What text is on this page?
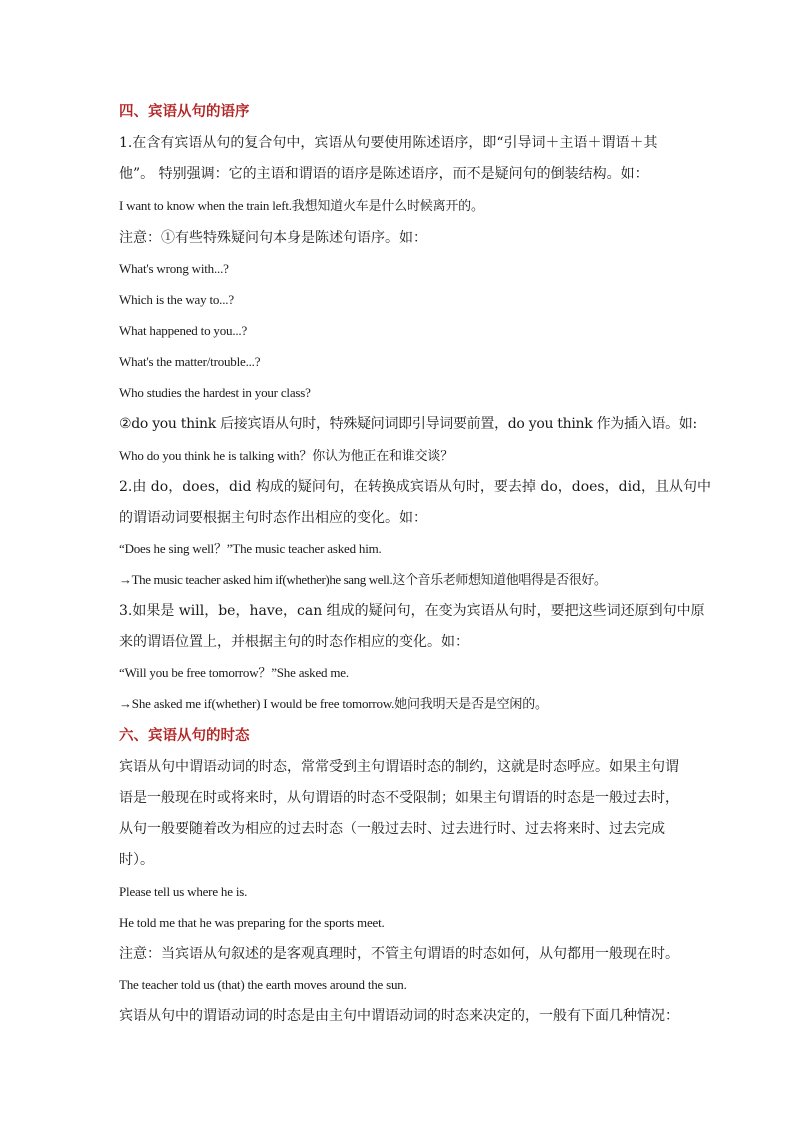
四、宾语从句的语序
1.在含有宾语从句的复合句中，宾语从句要使用陈述语序，即“引导词＋主语＋谓语＋其
他”。 特别强调：它的主语和谓语的语序是陈述语序，而不是疑问句的倒装结构。如：
I want to know when the train left.我想知道火车是什么时候离开的。
注意：①有些特殊疑问句本身是陈述句语序。如：
What's wrong with...?
Which is the way to...?
What happened to you...?
What's the matter/trouble...?
Who studies the hardest in your class?
②do you think 后接宾语从句时，特殊疑问词即引导词要前置，do you think 作为插入语。如:
Who do you think he is talking with？你认为他正在和谁交谈？
2.由 do，does，did 构成的疑问句，在转换成宾语从句时，要去掉 do，does，did，且从句中
的谓语动词要根据主句时态作出相应的变化。如：
“Does he sing well？”The music teacher asked him.
→The music teacher asked him if(whether)he sang well.这个音乐老师想知道他唱得是否很好。
3.如果是 will，be，have，can 组成的疑问句，在变为宾语从句时，要把这些词还原到句中原
来的谓语位置上，并根据主句的时态作相应的变化。如：
“Will you be free tomorrow？”She asked me.
→She asked me if(whether) I would be free tomorrow.她问我明天是否是空闲的。
六、宾语从句的时态
宾语从句中谓语动词的时态，常常受到主句谓语时态的制约，这就是时态呼应。如果主句谓
语是一般现在时或将来时，从句谓语的时态不受限制；如果主句谓语的时态是一般过去时，
从句一般要随着改为相应的过去时态（一般过去时、过去进行时、过去将来时、过去完成
时）。
Please tell us where he is.
He told me that he was preparing for the sports meet.
注意：当宾语从句叙述的是客观真理时，不管主句谓语的时态如何，从句都用一般现在时。
The teacher told us (that) the earth moves around the sun.
宾语从句中的谓语动词的时态是由主句中谓语动词的时态来决定的，一般有下面几种情况：
